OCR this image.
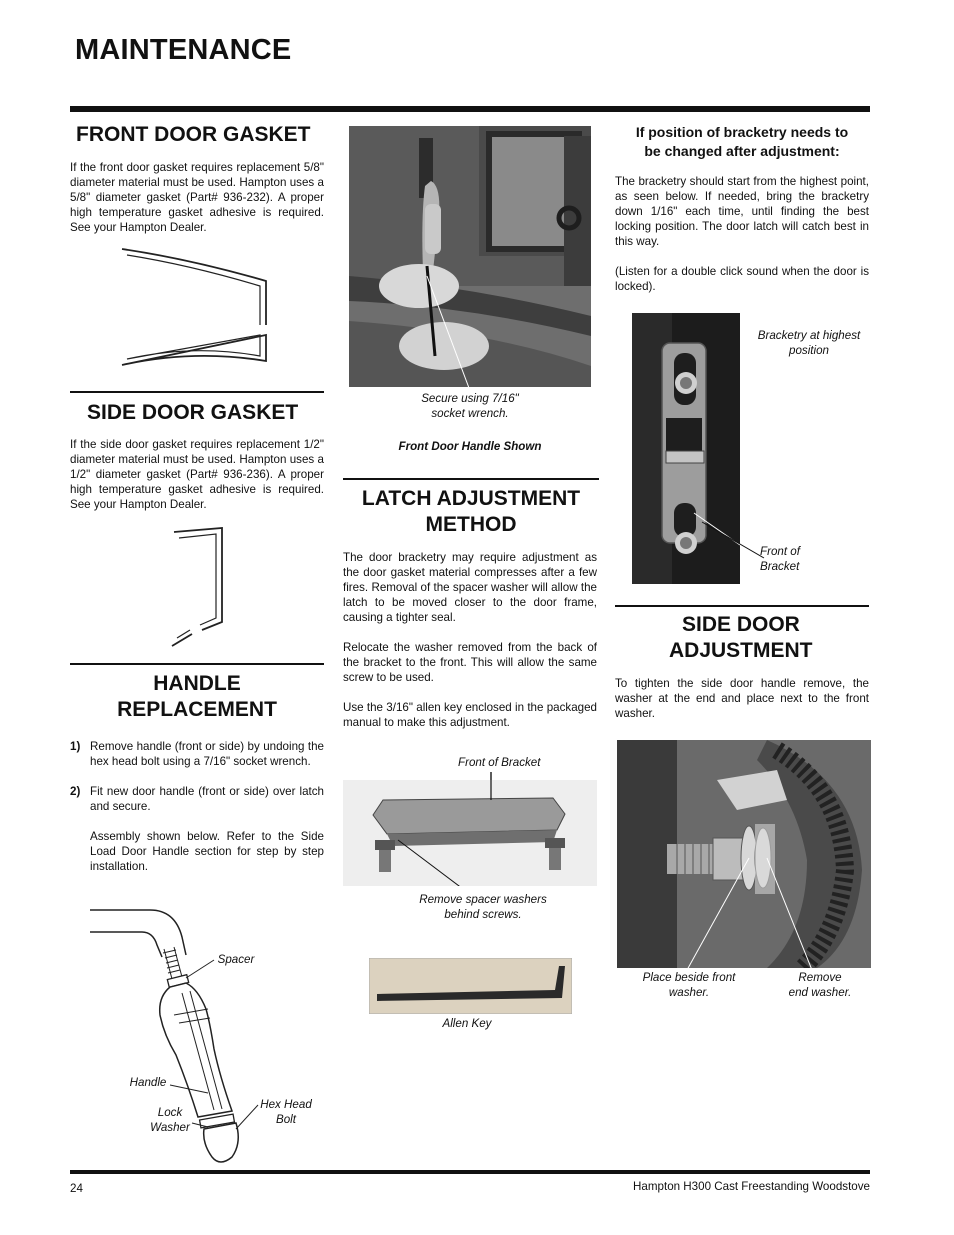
MAINTENANCE
FRONT DOOR GASKET
If the front door gasket requires replacement 5/8" diameter material must be used. Hampton uses a 5/8" diameter gasket (Part# 936-232). A proper high temperature gasket adhesive is required. See your Hampton Dealer.
SIDE DOOR GASKET
If the side door gasket requires replacement 1/2" diameter material must be used. Hampton uses a 1/2" diameter gasket (Part# 936-236). A proper high temperature gasket adhesive is required. See your Hampton Dealer.
HANDLE
REPLACEMENT
1) Remove handle (front or side) by undoing the hex head bolt using a 7/16" socket wrench.
2) Fit new door handle (front or side) over latch and secure.
Assembly shown below. Refer to the Side Load Door Handle section for step by step installation.
Spacer
Handle
Lock
Washer
Hex Head
Bolt
Secure using 7/16"
socket wrench.
Front Door Handle Shown
LATCH ADJUSTMENT
METHOD

The door bracketry may require adjustment as the door gasket material compresses after a few fires. Removal of the spacer washer will allow the latch to be moved closer to the door frame, causing a tighter seal.

Relocate the washer removed from the back of the bracket to the front. This will allow the same screw to be used.

Use the 3/16" allen key enclosed in the packaged manual to make this adjustment.

Front of Bracket
Remove spacer washers
behind screws.
Allen Key
If position of bracketry needs to
be changed after adjustment:

The bracketry should start from the highest point, as seen below. If needed, bring the bracketry down 1/16" each time, until finding the best locking position. The door latch will catch best in this way.

(Listen for a double click sound when the door is locked).

Bracketry at highest
position
Front of
Bracket
SIDE DOOR
ADJUSTMENT
To tighten the side door handle remove, the washer at the end and place next to the front washer.
Place beside front
washer.
Remove
end washer.
24	Hampton H300 Cast Freestanding Woodstove
